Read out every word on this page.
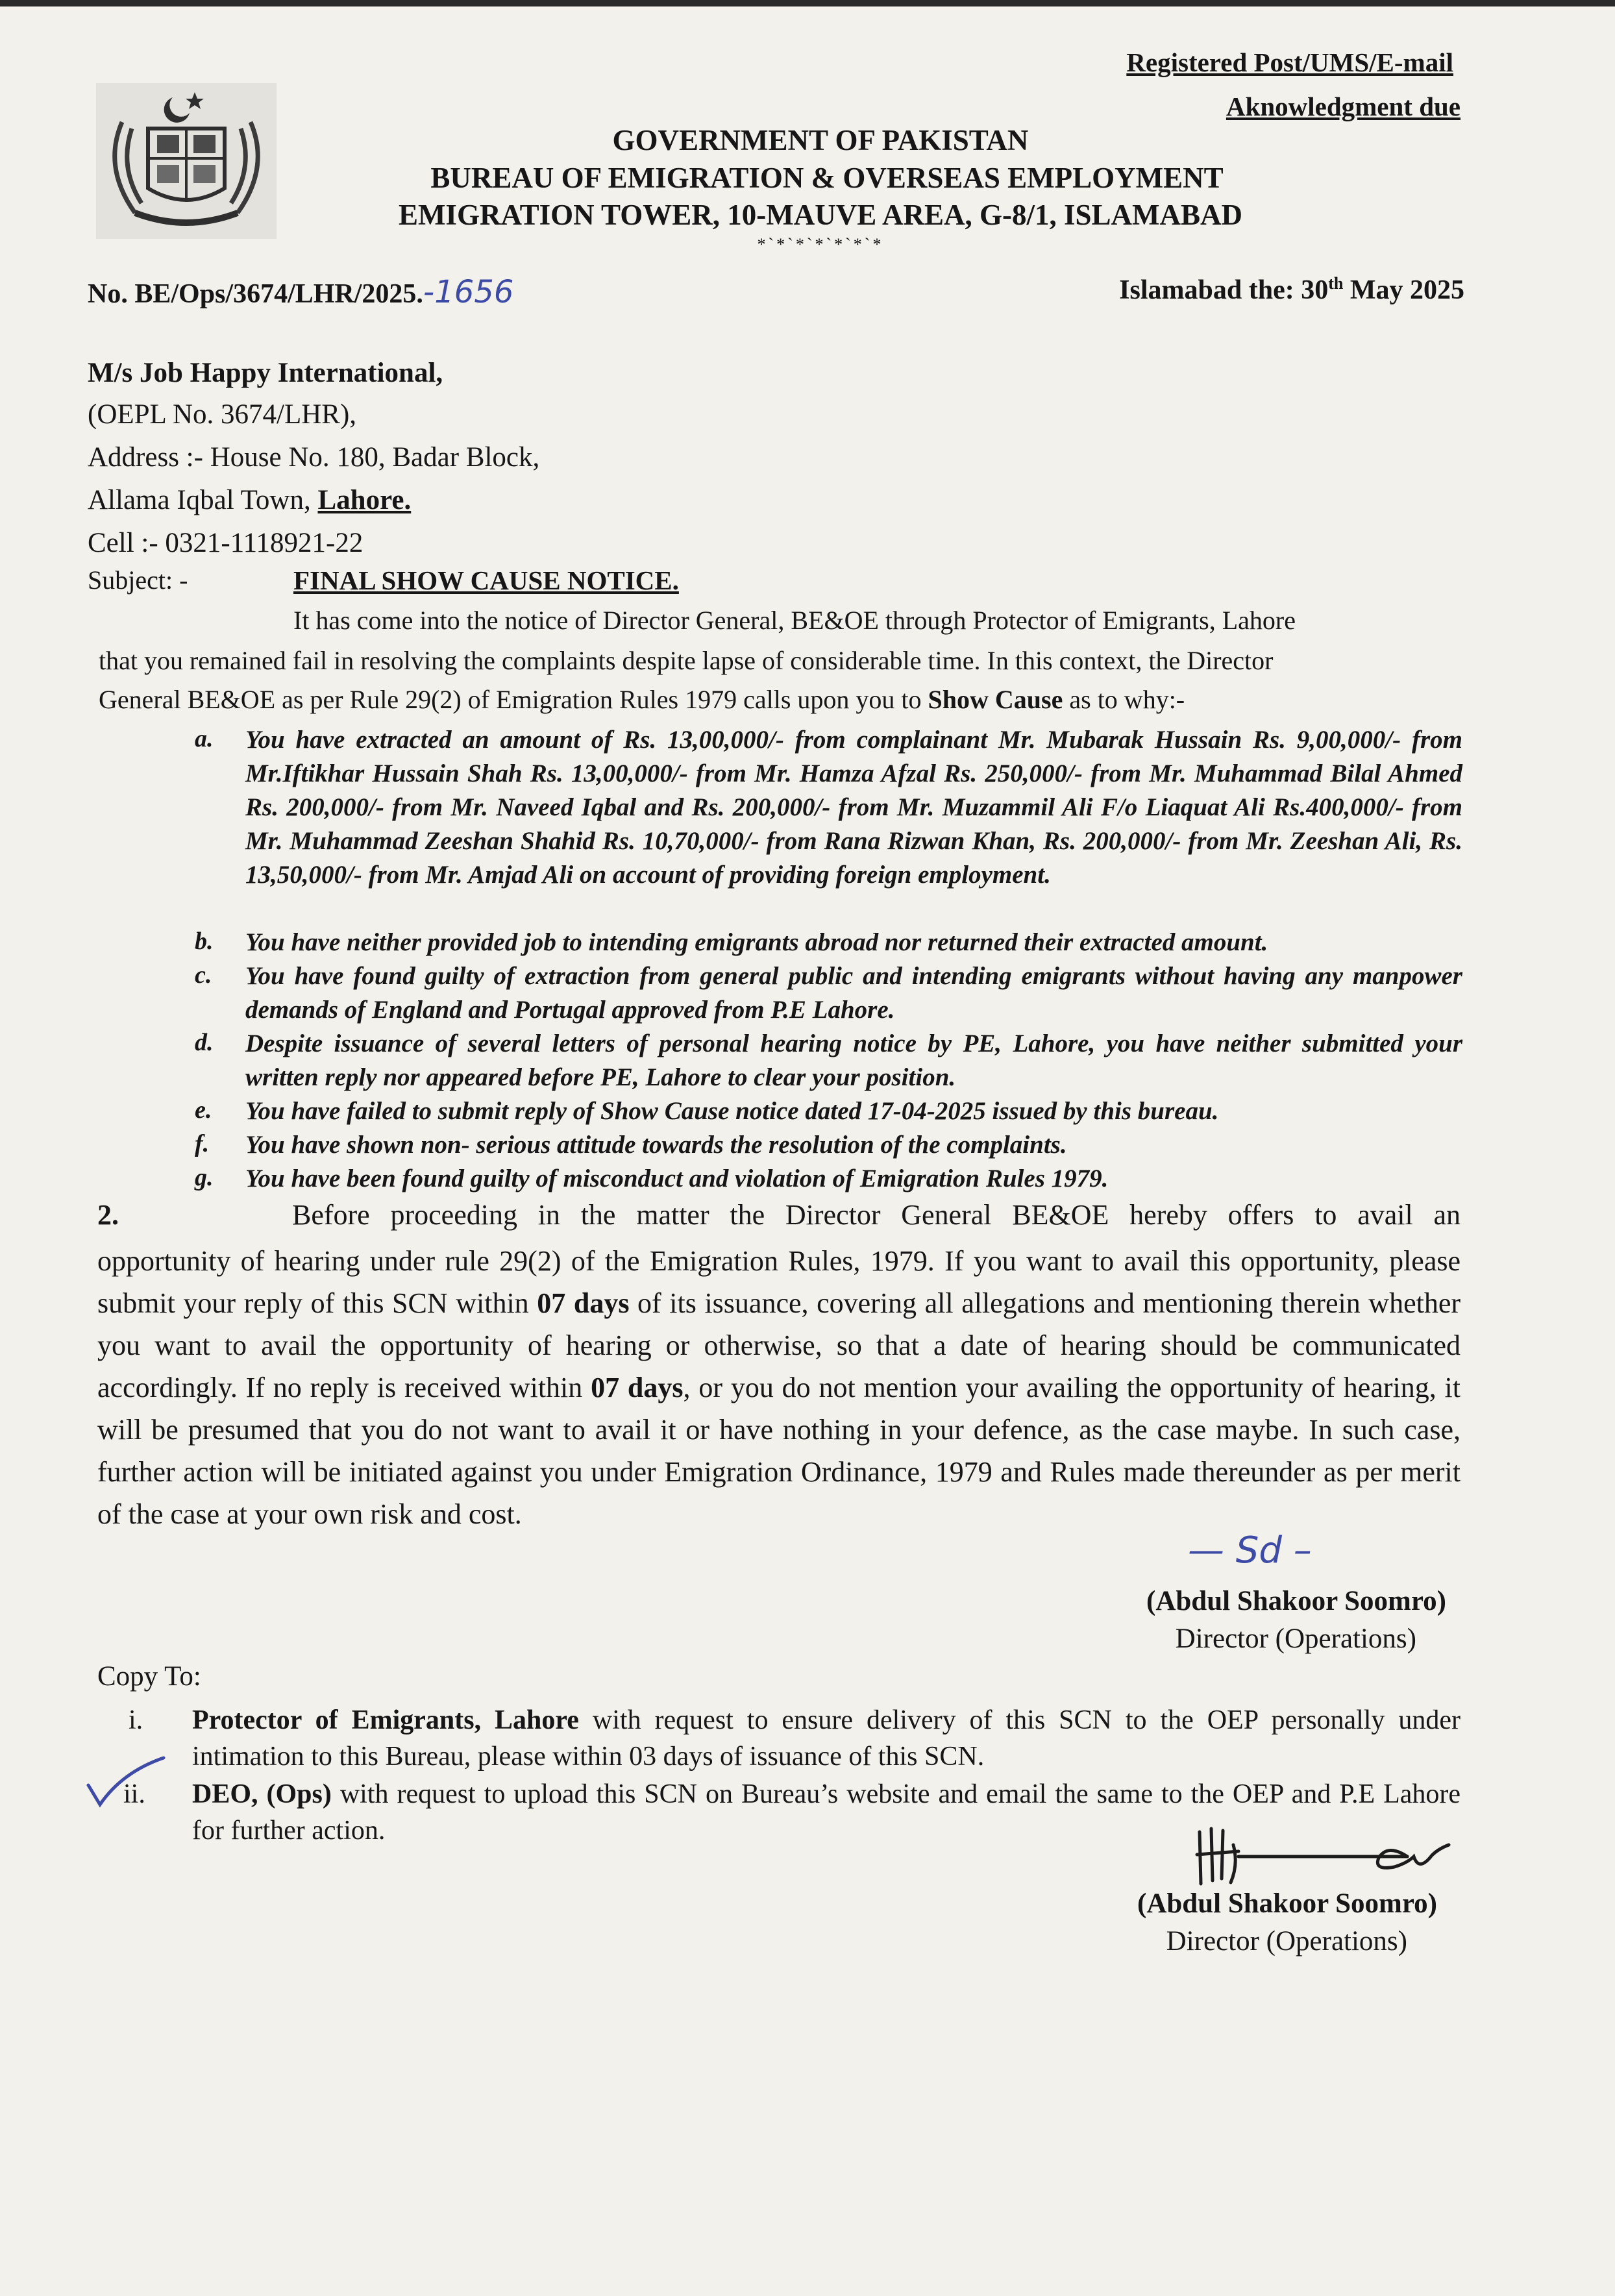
Registered Post/UMS/E-mail
Aknowledgment due
GOVERNMENT OF PAKISTAN
BUREAU OF EMIGRATION & OVERSEAS EMPLOYMENT
EMIGRATION TOWER, 10-MAUVE AREA, G-8/1, ISLAMABAD
*`*`*`*`*`*`*
No. BE/Ops/3674/LHR/2025.-1656	Islamabad the: 30th May 2025
M/s Job Happy International,
(OEPL No. 3674/LHR),
Address :- House No. 180, Badar Block,
Allama Iqbal Town, Lahore.
Cell :- 0321-1118921-22
Subject: -	FINAL SHOW CAUSE NOTICE.
It has come into the notice of Director General, BE&OE through Protector of Emigrants, Lahore
that you remained fail in resolving the complaints despite lapse of considerable time. In this context, the Director
General BE&OE as per Rule 29(2) of Emigration Rules 1979 calls upon you to Show Cause as to why:-
a. You have extracted an amount of Rs. 13,00,000/- from complainant Mr. Mubarak Hussain Rs. 9,00,000/- from Mr.Iftikhar Hussain Shah Rs. 13,00,000/- from Mr. Hamza Afzal Rs. 250,000/- from Mr. Muhammad Bilal Ahmed Rs. 200,000/- from Mr. Naveed Iqbal and Rs. 200,000/- from Mr. Muzammil Ali F/o Liaquat Ali Rs.400,000/- from Mr. Muhammad Zeeshan Shahid Rs. 10,70,000/- from Rana Rizwan Khan, Rs. 200,000/- from Mr. Zeeshan Ali, Rs. 13,50,000/- from Mr. Amjad Ali on account of providing foreign employment.
b. You have neither provided job to intending emigrants abroad nor returned their extracted amount.
c. You have found guilty of extraction from general public and intending emigrants without having any manpower demands of England and Portugal approved from P.E Lahore.
d. Despite issuance of several letters of personal hearing notice by PE, Lahore, you have neither submitted your written reply nor appeared before PE, Lahore to clear your position.
e. You have failed to submit reply of Show Cause notice dated 17-04-2025 issued by this bureau.
f. You have shown non- serious attitude towards the resolution of the complaints.
g. You have been found guilty of misconduct and violation of Emigration Rules 1979.
2.	Before proceeding in the matter the Director General BE&OE hereby offers to avail an
opportunity of hearing under rule 29(2) of the Emigration Rules, 1979. If you want to avail this opportunity, please submit your reply of this SCN within 07 days of its issuance, covering all allegations and mentioning therein whether you want to avail the opportunity of hearing or otherwise, so that a date of hearing should be communicated accordingly. If no reply is received within 07 days, or you do not mention your availing the opportunity of hearing, it will be presumed that you do not want to avail it or have nothing in your defence, as the case maybe. In such case, further action will be initiated against you under Emigration Ordinance, 1979 and Rules made thereunder as per merit of the case at your own risk and cost.
— Sd –
(Abdul Shakoor Soomro)
Director (Operations)
Copy To:
i. Protector of Emigrants, Lahore with request to ensure delivery of this SCN to the OEP personally under intimation to this Bureau, please within 03 days of issuance of this SCN.
ii. DEO, (Ops) with request to upload this SCN on Bureau’s website and email the same to the OEP and P.E Lahore for further action.
(Abdul Shakoor Soomro)
Director (Operations)
